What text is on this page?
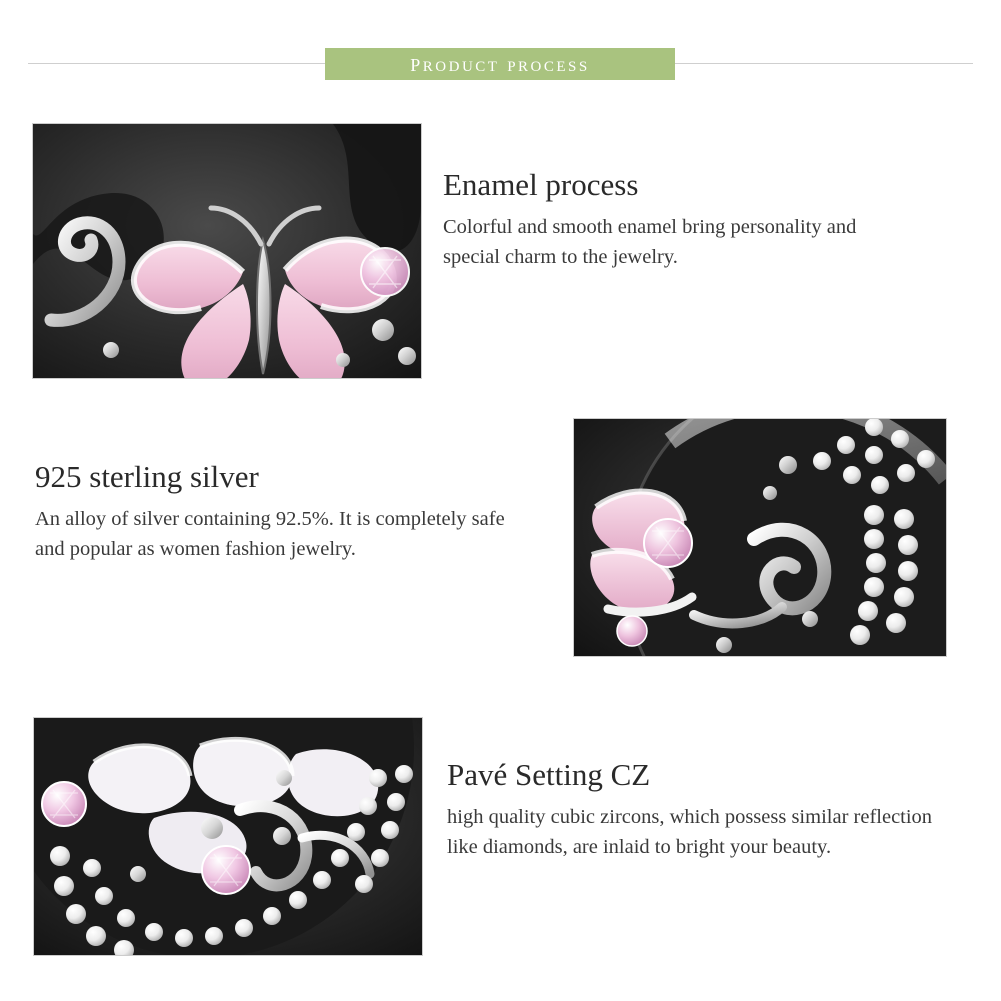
product process
Enamel process

Colorful and smooth enamel bring personality and special charm to the jewelry.

925 sterling silver

An alloy of silver containing 92.5%. It is completely safe and popular as women fashion jewelry.

Pavé Setting CZ

high quality cubic zircons, which possess similar reflection like diamonds, are inlaid to bright your beauty.
